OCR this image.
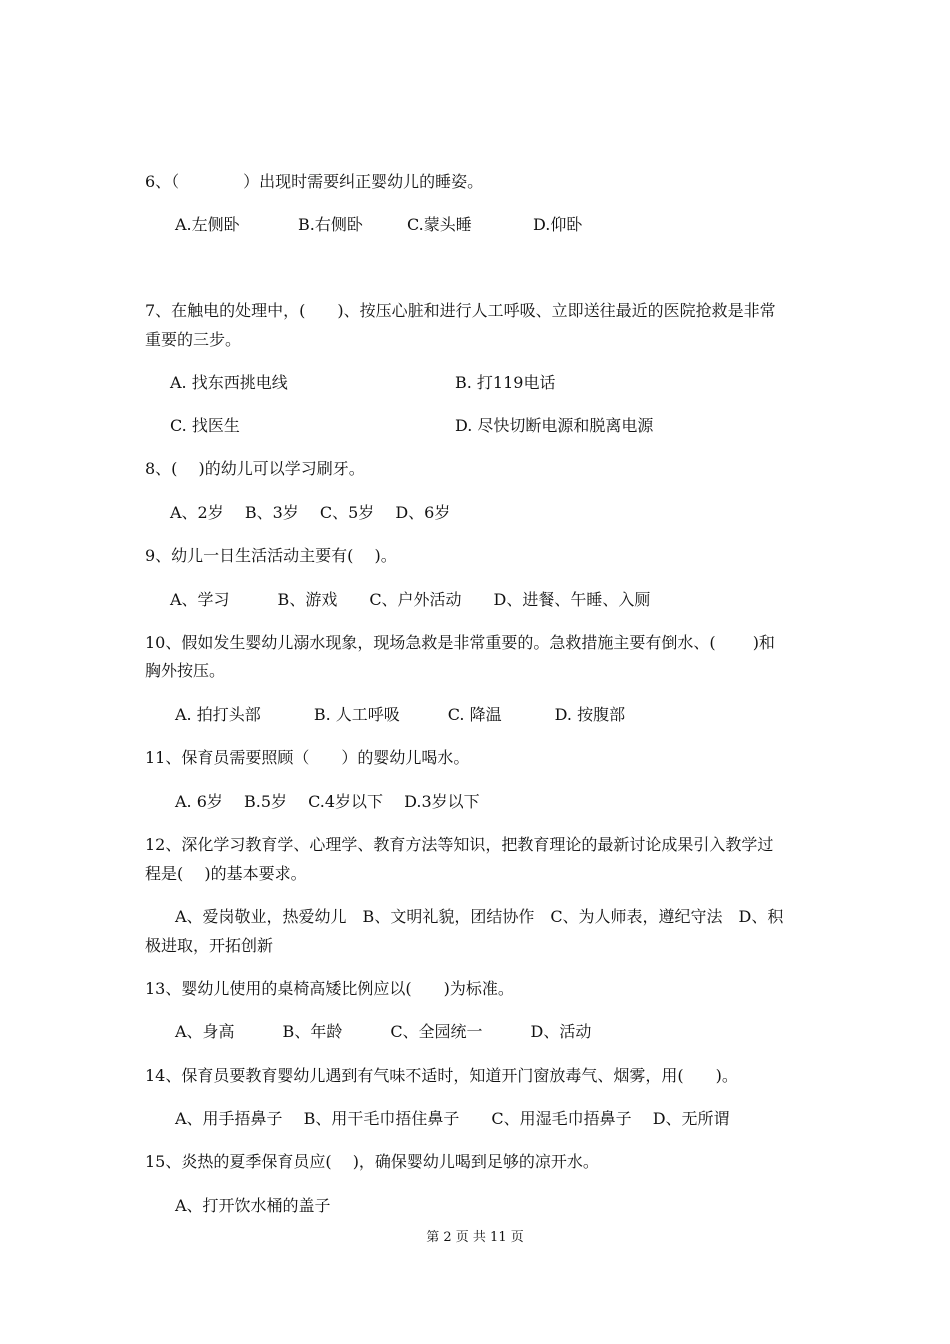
6、（　　　　）出现时需要纠正婴幼儿的睡姿。
A.左侧卧	B.右侧卧	C.蒙头睡	D.仰卧
7、在触电的处理中，(　　)、按压心脏和进行人工呼吸、立即送往最近的医院抢救是非常
重要的三步。
A. 找东西挑电线	B. 打119电话
C. 找医生	D. 尽快切断电源和脱离电源
8、(　 )的幼儿可以学习刷牙。
A、2岁　 B、3岁　 C、5岁　 D、6岁
9、幼儿一日生活活动主要有(　 )。
A、学习　　　B、游戏　　C、户外活动　　D、进餐、午睡、入厕
10、假如发生婴幼儿溺水现象，现场急救是非常重要的。急救措施主要有倒水、(　　 )和
胸外按压。
A. 拍打头部　　　 B. 人工呼吸　　　C. 降温　　　 D. 按腹部
11、保育员需要照顾（　　）的婴幼儿喝水。
A. 6岁　 B.5岁　 C.4岁以下　 D.3岁以下
12、深化学习教育学、心理学、教育方法等知识，把教育理论的最新讨论成果引入教学过
程是(　 )的基本要求。
A、爱岗敬业，热爱幼儿　B、文明礼貌，团结协作　C、为人师表，遵纪守法　D、积
极进取，开拓创新
13、婴幼儿使用的桌椅高矮比例应以(　　)为标准。
A、身高　　　B、年龄　　　C、全园统一　　　D、活动
14、保育员要教育婴幼儿遇到有气味不适时，知道开门窗放毒气、烟雾，用(　　)。
A、用手捂鼻子　 B、用干毛巾捂住鼻子　　C、用湿毛巾捂鼻子　 D、无所谓
15、炎热的夏季保育员应(　 )，确保婴幼儿喝到足够的凉开水。
A、打开饮水桶的盖子
第 2 页 共 11 页
